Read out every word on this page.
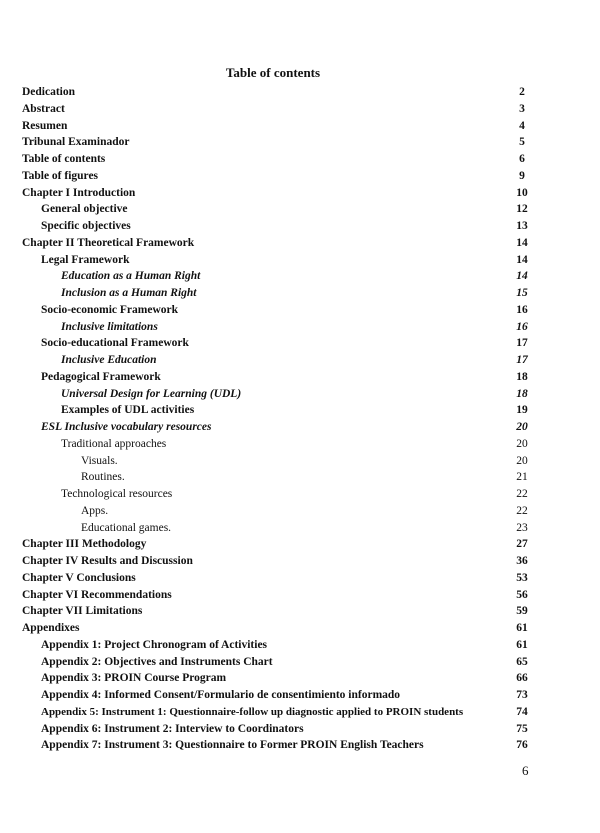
Table of contents
Dedication	2
Abstract	3
Resumen	4
Tribunal Examinador	5
Table of contents	6
Table of figures	9
Chapter I Introduction	10
General objective	12
Specific objectives	13
Chapter II Theoretical Framework	14
Legal Framework	14
Education as a Human Right	14
Inclusion as a Human Right	15
Socio-economic Framework	16
Inclusive limitations	16
Socio-educational Framework	17
Inclusive Education	17
Pedagogical Framework	18
Universal Design for Learning (UDL)	18
Examples of UDL activities	19
ESL Inclusive vocabulary resources	20
Traditional approaches	20
Visuals.	20
Routines.	21
Technological resources	22
Apps.	22
Educational games.	23
Chapter III Methodology	27
Chapter IV Results and Discussion	36
Chapter V Conclusions	53
Chapter VI Recommendations	56
Chapter VII Limitations	59
Appendixes	61
Appendix 1: Project Chronogram of Activities	61
Appendix 2: Objectives and Instruments Chart	65
Appendix 3: PROIN Course Program	66
Appendix 4: Informed Consent/Formulario de consentimiento informado	73
Appendix 5: Instrument 1: Questionnaire-follow up diagnostic applied to PROIN students	74
Appendix 6: Instrument 2: Interview to Coordinators	75
Appendix 7: Instrument 3: Questionnaire to Former PROIN English Teachers	76
6
